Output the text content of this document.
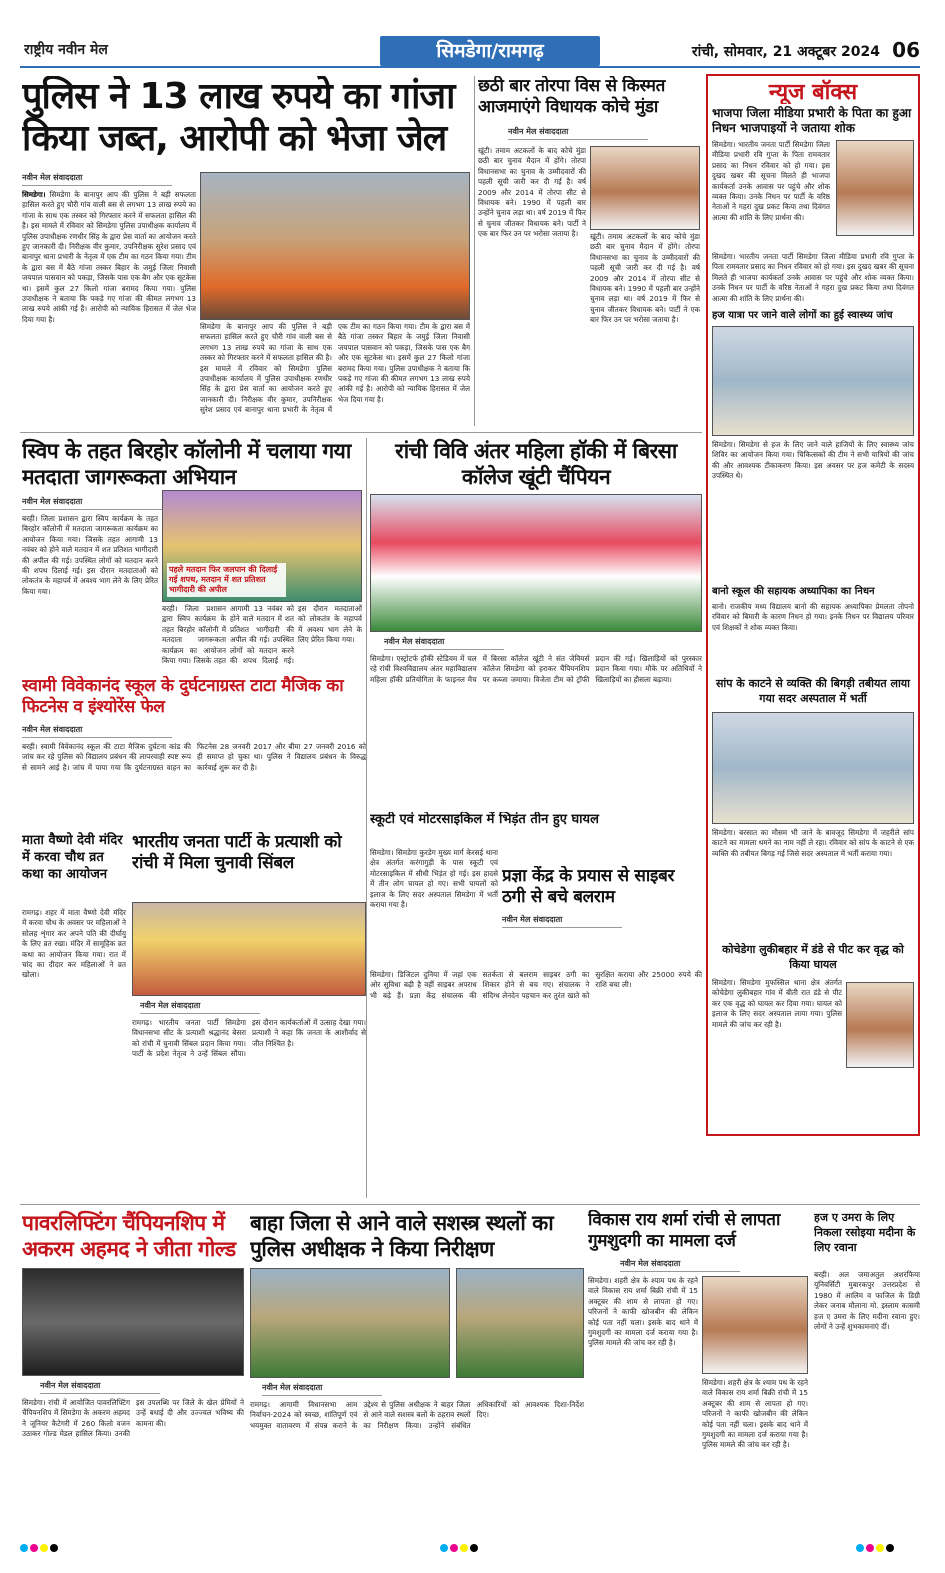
राष्ट्रीय नवीन मेल	सिमडेगा/रामगढ़	रांची, सोमवार, 21 अक्टूबर 2024 06
पुलिस ने 13 लाख रुपये का गांजा किया जब्त, आरोपी को भेजा जेल
नवीन मेल संवाददाता
सिमडेगा। सिमडेगा के बानापुर आप की पुलिस ने बड़ी सफलता हासिल करते हुए चौरी गांव वाली बस से लगभग 13 लाख रुपये का गांजा के साथ एक तस्कर को गिरफ्तार करने में सफलता हासिल की है। इस मामले में रविवार को सिमडेगा पुलिस उपाधीक्षक कार्यालय में पुलिस उपाधीक्षक रणधीर सिंह के द्वारा प्रेस वार्ता का आयोजन करते हुए जानकारी दी। निरीक्षक वीर कुमार, उपनिरीक्षक सुरेश प्रसाद एवं बानापुर थाना प्रभारी के नेतृत्व में एक टीम का गठन किया गया। टीम के द्वारा बस में बैठे गांजा तस्कर बिहार के जमुई जिला निवासी जयपाल पासवान को पकड़ा, जिसके पास एक बैग और एक सूटकेस था। इसमें कुल 27 किलो गांजा बरामद किया गया। पुलिस उपाधीक्षक ने बताया कि पकड़े गए गांजा की कीमत लगभग 13 लाख रुपये आंकी गई है। आरोपी को न्यायिक हिरासत में जेल भेज दिया गया है।
सिमडेगा के बानापुर आप की पुलिस ने बड़ी सफलता हासिल करते हुए चौरी गांव वाली बस से लगभग 13 लाख रुपये का गांजा के साथ एक तस्कर को गिरफ्तार करने में सफलता हासिल की है। इस मामले में रविवार को सिमडेगा पुलिस उपाधीक्षक कार्यालय में पुलिस उपाधीक्षक रणधीर सिंह के द्वारा प्रेस वार्ता का आयोजन करते हुए जानकारी दी। निरीक्षक वीर कुमार, उपनिरीक्षक सुरेश प्रसाद एवं बानापुर थाना प्रभारी के नेतृत्व में एक टीम का गठन किया गया। टीम के द्वारा बस में बैठे गांजा तस्कर बिहार के जमुई जिला निवासी जयपाल पासवान को पकड़ा, जिसके पास एक बैग और एक सूटकेस था। इसमें कुल 27 किलो गांजा बरामद किया गया। पुलिस उपाधीक्षक ने बताया कि पकड़े गए गांजा की कीमत लगभग 13 लाख रुपये आंकी गई है। आरोपी को न्यायिक हिरासत में जेल भेज दिया गया है।
छठी बार तोरपा विस से किस्मत आजमाएंगे विधायक कोचे मुंडा
नवीन मेल संवाददाता
खूंटी। तमाम अटकलों के बाद कोचे मुंडा छठी बार चुनाव मैदान में होंगे। तोरपा विधानसभा का चुनाव के उम्मीदवारों की पहली सूची जारी कर दी गई है। वर्ष 2009 और 2014 में तोरपा सीट से विधायक बने। 1990 में पहली बार उन्होंने चुनाव लड़ा था। वर्ष 2019 में फिर से चुनाव जीतकर विधायक बने। पार्टी ने एक बार फिर उन पर भरोसा जताया है।	खूंटी। तमाम अटकलों के बाद कोचे मुंडा छठी बार चुनाव मैदान में होंगे। तोरपा विधानसभा का चुनाव के उम्मीदवारों की पहली सूची जारी कर दी गई है। वर्ष 2009 और 2014 में तोरपा सीट से विधायक बने। 1990 में पहली बार उन्होंने चुनाव लड़ा था। वर्ष 2019 में फिर से चुनाव जीतकर विधायक बने। पार्टी ने एक बार फिर उन पर भरोसा जताया है।
न्यूज बॉक्स
भाजपा जिला मीडिया प्रभारी के पिता का हुआ निधन भाजपाइयों ने जताया शोक
सिमडेगा। भारतीय जनता पार्टी सिमडेगा जिला मीडिया प्रभारी रवि गुप्ता के पिता रामवतार प्रसाद का निधन रविवार को हो गया। इस दुखद खबर की सूचना मिलते ही भाजपा कार्यकर्ता उनके आवास पर पहुंचे और शोक व्यक्त किया। उनके निधन पर पार्टी के वरिष्ठ नेताओं ने गहरा दुख प्रकट किया तथा दिवंगत आत्मा की शांति के लिए प्रार्थना की।
सिमडेगा। भारतीय जनता पार्टी सिमडेगा जिला मीडिया प्रभारी रवि गुप्ता के पिता रामवतार प्रसाद का निधन रविवार को हो गया। इस दुखद खबर की सूचना मिलते ही भाजपा कार्यकर्ता उनके आवास पर पहुंचे और शोक व्यक्त किया। उनके निधन पर पार्टी के वरिष्ठ नेताओं ने गहरा दुख प्रकट किया तथा दिवंगत आत्मा की शांति के लिए प्रार्थना की।
हज यात्रा पर जाने वाले लोगों का हुई स्वास्थ्य जांच
सिमडेगा। सिमडेगा से हज के लिए जाने वाले हाजियों के लिए स्वास्थ्य जांच शिविर का आयोजन किया गया। चिकित्सकों की टीम ने सभी यात्रियों की जांच की और आवश्यक टीकाकरण किया। इस अवसर पर हज कमेटी के सदस्य उपस्थित थे।
बानो स्कूल की सहायक अध्यापिका का निधन
बानो। राजकीय मध्य विद्यालय बानो की सहायक अध्यापिका प्रेमलता तोपनो रविवार को बिमारी के कारण निधन हो गया। इनके निधन पर विद्यालय परिवार एवं शिक्षकों ने शोक व्यक्त किया।
सांप के काटने से व्यक्ति की बिगड़ी तबीयत लाया गया सदर अस्पताल में भर्ती
सिमडेगा। बरसात का मौसम भी जाने के बावजूद सिमडेगा में जहरीले सांप काटने का मामला थमने का नाम नहीं ले रहा। रविवार को सांप के काटने से एक व्यक्ति की तबीयत बिगड़ गई जिसे सदर अस्पताल में भर्ती कराया गया।
कोचेडेगा लुकीबहार में डंडे से पीट कर वृद्ध को किया घायल
सिमडेगा। सिमडेगा मुफस्सिल थाना क्षेत्र अंतर्गत कोचेडेगा लुकीबहार गांव में बीती रात डंडे से पीट कर एक वृद्ध को घायल कर दिया गया। घायल को इलाज के लिए सदर अस्पताल लाया गया। पुलिस मामले की जांच कर रही है।
स्विप के तहत बिरहोर कॉलोनी में चलाया गया मतदाता जागरूकता अभियान
नवीन मेल संवाददाता
बरही। जिला प्रशासन द्वारा स्विप कार्यक्रम के तहत बिरहोर कॉलोनी में मतदाता जागरूकता कार्यक्रम का आयोजन किया गया। जिसके तहत आगामी 13 नवंबर को होने वाले मतदान में शत प्रतिशत भागीदारी की अपील की गई। उपस्थित लोगों को मतदान करने की शपथ दिलाई गई। इस दौरान मतदाताओं को लोकतंत्र के महापर्व में अवश्य भाग लेने के लिए प्रेरित किया गया।
पहले मतदान फिर जलपान की दिलाई गई शपथ, मतदान में शत प्रतिशत भागीदारी की अपील
बरही। जिला प्रशासन द्वारा स्विप कार्यक्रम के तहत बिरहोर कॉलोनी में मतदाता जागरूकता कार्यक्रम का आयोजन किया गया। जिसके तहत आगामी 13 नवंबर को होने वाले मतदान में शत प्रतिशत भागीदारी की अपील की गई। उपस्थित लोगों को मतदान करने की शपथ दिलाई गई। इस दौरान मतदाताओं को लोकतंत्र के महापर्व में अवश्य भाग लेने के लिए प्रेरित किया गया।
रांची विवि अंतर महिला हॉकी में बिरसा कॉलेज खूंटी चैंपियन
नवीन मेल संवाददाता
सिमडेगा। एस्ट्रोटर्फ हॉकी स्टेडियम में चल रहे रांची विश्वविद्यालय अंतर महाविद्यालय महिला हॉकी प्रतियोगिता के फाइनल मैच में बिरसा कॉलेज खूंटी ने संत जेवियर्स कॉलेज सिमडेगा को हराकर चैंपियनशिप पर कब्जा जमाया। विजेता टीम को ट्रॉफी प्रदान की गई। खिलाड़ियों को पुरस्कार प्रदान किया गया। मौके पर अतिथियों ने खिलाड़ियों का हौसला बढ़ाया।
स्वामी विवेकानंद स्कूल के दुर्घटनाग्रस्त टाटा मैजिक का फिटनेस व इंश्योरेंस फेल
नवीन मेल संवाददाता
बरही। स्वामी विवेकानंद स्कूल की टाटा मैजिक दुर्घटना कांड की जांच कर रहे पुलिस को विद्यालय प्रबंधन की लापरवाही स्पष्ट रूप से सामने आई है। जांच में पाया गया कि दुर्घटनाग्रस्त वाहन का फिटनेस 28 जनवरी 2017 और बीमा 27 जनवरी 2016 को ही समाप्त हो चुका था। पुलिस ने विद्यालय प्रबंधन के विरुद्ध कार्रवाई शुरू कर दी है।
माता वैष्णो देवी मंदिर में करवा चौथ व्रत कथा का आयोजन
रामगढ़। शहर में माता वैष्णो देवी मंदिर में करवा चौथ के अवसर पर महिलाओं ने सोलह शृंगार कर अपने पति की दीर्घायु के लिए व्रत रखा। मंदिर में सामूहिक व्रत कथा का आयोजन किया गया। रात में चांद का दीदार कर महिलाओं ने व्रत खोला।
भारतीय जनता पार्टी के प्रत्याशी को रांची में मिला चुनावी सिंबल
नवीन मेल संवाददाता
रामगढ़। भारतीय जनता पार्टी सिमडेगा विधानसभा सीट के प्रत्याशी श्रद्धानंद बेसरा को रांची में चुनावी सिंबल प्रदान किया गया। पार्टी के प्रदेश नेतृत्व ने उन्हें सिंबल सौंपा। इस दौरान कार्यकर्ताओं में उत्साह देखा गया। प्रत्याशी ने कहा कि जनता के आशीर्वाद से जीत निश्चित है।
स्कूटी एवं मोटरसाइकिल में भिड़ंत तीन हुए घायल
सिमडेगा। सिमडेगा कुरडेग मुख्य मार्ग केरसई थाना क्षेत्र अंतर्गत करंगागुड़ी के पास स्कूटी एवं मोटरसाइकिल में सीधी भिड़ंत हो गई। इस हादसे में तीन लोग घायल हो गए। सभी घायलों को इलाज के लिए सदर अस्पताल सिमडेगा में भर्ती कराया गया है।
प्रज्ञा केंद्र के प्रयास से साइबर ठगी से बचे बलराम
नवीन मेल संवाददाता
सिमडेगा। डिजिटल दुनिया में जहां एक ओर सुविधा बढ़ी है वहीं साइबर अपराध भी बढ़े हैं। प्रज्ञा केंद्र संचालक की सतर्कता से बलराम साइबर ठगी का शिकार होने से बच गए। संचालक ने संदिग्ध लेनदेन पहचान कर तुरंत खाते को सुरक्षित कराया और 25000 रुपये की राशि बचा ली।
पावरलिफ्टिंग चैंपियनशिप में अकरम अहमद ने जीता गोल्ड
नवीन मेल संवाददाता
सिमडेगा। रांची में आयोजित पावरलिफ्टिंग चैंपियनशिप में सिमडेगा के अकरम अहमद ने जूनियर कैटेगरी में 260 किलो वजन उठाकर गोल्ड मेडल हासिल किया। उनकी इस उपलब्धि पर जिले के खेल प्रेमियों ने उन्हें बधाई दी और उज्ज्वल भविष्य की कामना की।
बाहा जिला से आने वाले सशस्त्र स्थलों का पुलिस अधीक्षक ने किया निरीक्षण
नवीन मेल संवाददाता
रामगढ़। आगामी विधानसभा आम निर्वाचन-2024 को स्वच्छ, शांतिपूर्ण एवं भयमुक्त वातावरण में संपन्न कराने के उद्देश्य से पुलिस अधीक्षक ने बाहर जिला से आने वाले सशस्त्र बलों के ठहराव स्थलों का निरीक्षण किया। उन्होंने संबंधित अधिकारियों को आवश्यक दिशा-निर्देश दिए।
विकास राय शर्मा रांची से लापता गुमशुदगी का मामला दर्ज
नवीन मेल संवाददाता
सिमडेगा। शहरी क्षेत्र के श्याम पथ के रहने वाले विकास राय शर्मा बिक्री रांची में 15 अक्टूबर की शाम से लापता हो गए। परिजनों ने काफी खोजबीन की लेकिन कोई पता नहीं चला। इसके बाद थाने में गुमशुदगी का मामला दर्ज कराया गया है। पुलिस मामले की जांच कर रही है।
सिमडेगा। शहरी क्षेत्र के श्याम पथ के रहने वाले विकास राय शर्मा बिक्री रांची में 15 अक्टूबर की शाम से लापता हो गए। परिजनों ने काफी खोजबीन की लेकिन कोई पता नहीं चला। इसके बाद थाने में गुमशुदगी का मामला दर्ज कराया गया है। पुलिस मामले की जांच कर रही है।
हज ए उमरा के लिए निकला रसोइया मदीना के लिए रवाना
बरही। अल जमाअतुल अशरफिया यूनिवर्सिटी मुबारकपुर उत्तरप्रदेश से 1980 में आलिम व फाजिल के डिग्री लेकर जनाब मौलाना मो. इस्लाम कासमी हज ए उमरा के लिए मदीना रवाना हुए। लोगों ने उन्हें शुभकामनाएं दीं।
